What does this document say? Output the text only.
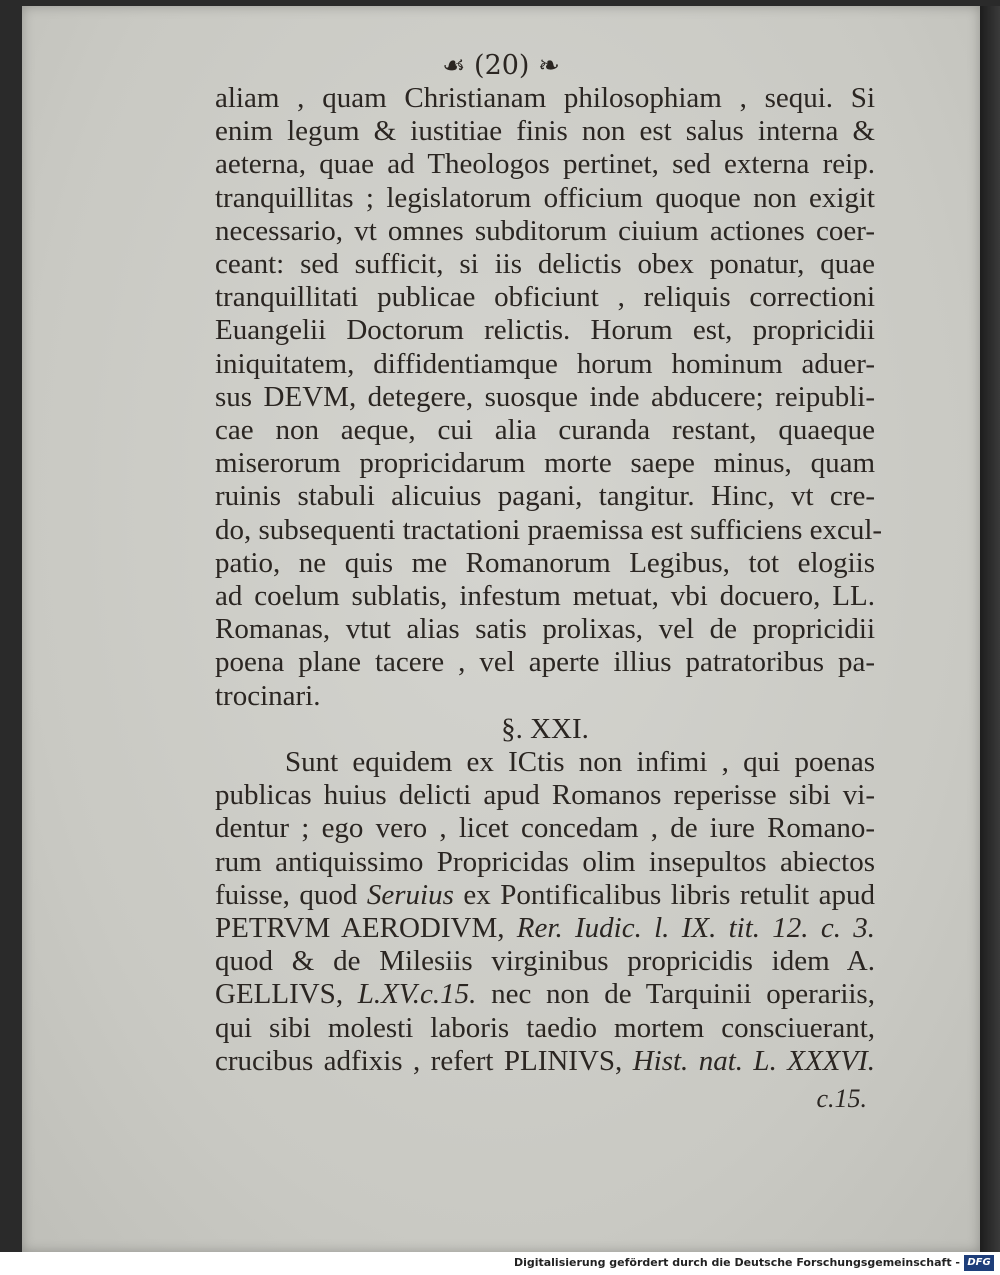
☙ (20) ❧
aliam , quam Christianam philosophiam , sequi. Si
enim legum & iustitiae finis non est salus interna &
aeterna, quae ad Theologos pertinet, sed externa reip.
tranquillitas ; legislatorum officium quoque non exigit
necessario, vt omnes subditorum ciuium actiones coer-
ceant: sed sufficit, si iis delictis obex ponatur, quae
tranquillitati publicae obficiunt , reliquis correctioni
Euangelii Doctorum relictis. Horum est, propricidii
iniquitatem, diffidentiamque horum hominum aduer-
sus DEVM, detegere, suosque inde abducere; reipubli-
cae non aeque, cui alia curanda restant, quaeque
miserorum propricidarum morte saepe minus, quam
ruinis stabuli alicuius pagani, tangitur. Hinc, vt cre-
do, subsequenti tractationi praemissa est sufficiens excul-
patio, ne quis me Romanorum Legibus, tot elogiis
ad coelum sublatis, infestum metuat, vbi docuero, LL.
Romanas, vtut alias satis prolixas, vel de propricidii
poena plane tacere , vel aperte illius patratoribus pa-
trocinari.
§. XXI.
Sunt equidem ex ICtis non infimi , qui poenas
publicas huius delicti apud Romanos reperisse sibi vi-
dentur ; ego vero , licet concedam , de iure Romano-
rum antiquissimo Propricidas olim insepultos abiectos
fuisse, quod Seruius ex Pontificalibus libris retulit apud
PETRVM AERODIVM, Rer. Iudic. l. IX. tit. 12. c. 3.
quod & de Milesiis virginibus propricidis idem A.
GELLIVS, L.XV.c.15. nec non de Tarquinii operariis,
qui sibi molesti laboris taedio mortem consciuerant,
crucibus adfixis , refert PLINIVS, Hist. nat. L. XXXVI.
c.15.
Digitalisierung gefördert durch die Deutsche Forschungsgemeinschaft - DFG
